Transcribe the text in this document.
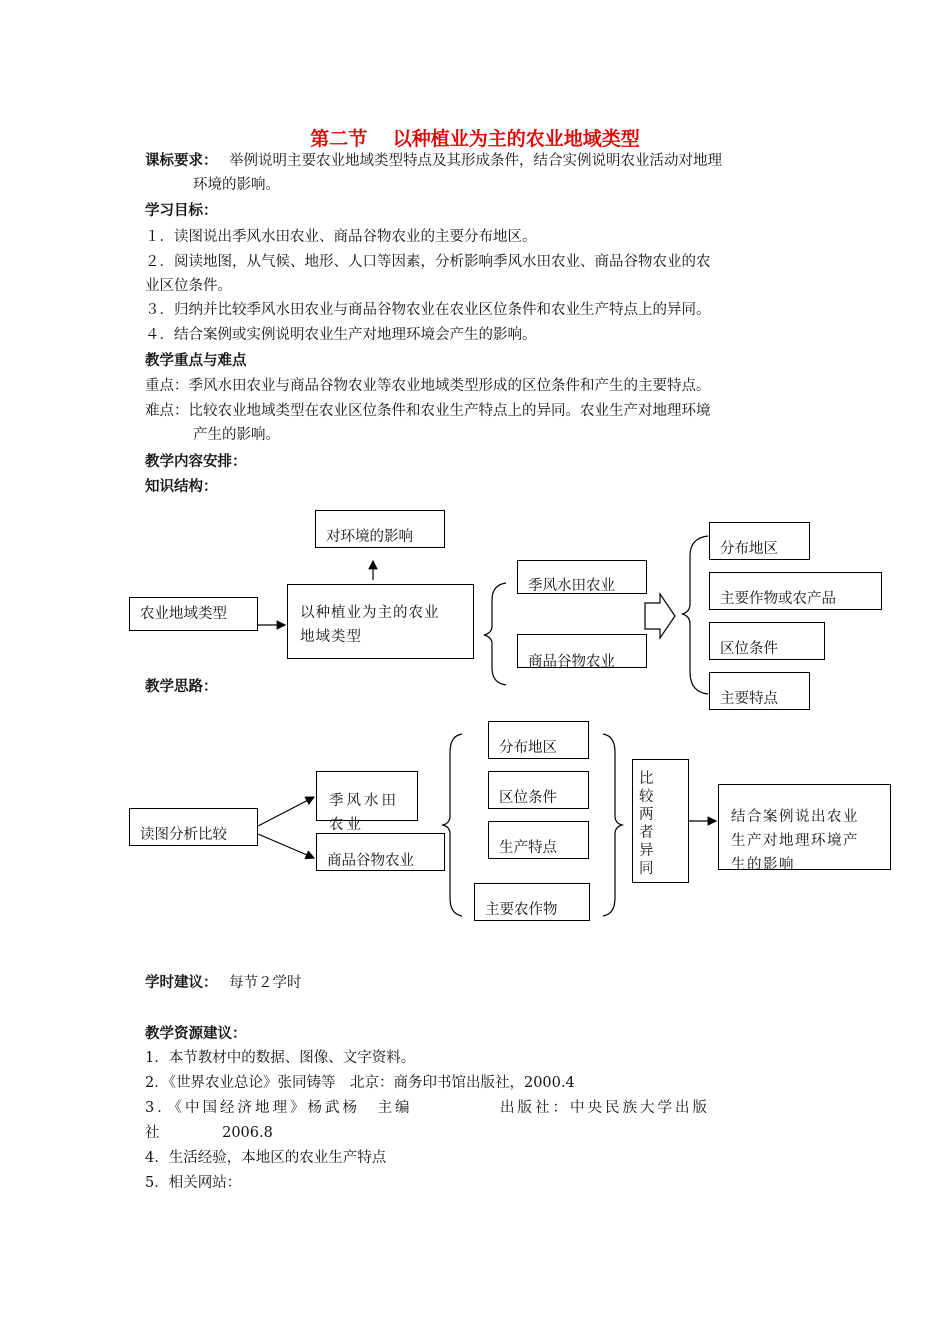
第二节　 以种植业为主的农业地域类型
课标要求： 举例说明主要农业地域类型特点及其形成条件，结合实例说明农业活动对地理
环境的影响。
学习目标：
１．读图说出季风水田农业、商品谷物农业的主要分布地区。
２．阅读地图，从气候、地形、人口等因素，分析影响季风水田农业、商品谷物农业的农
业区位条件。
３．归纳并比较季风水田农业与商品谷物农业在农业区位条件和农业生产特点上的异同。
４．结合案例或实例说明农业生产对地理环境会产生的影响。
教学重点与难点
重点：季风水田农业与商品谷物农业等农业地域类型形成的区位条件和产生的主要特点。
难点：比较农业地域类型在农业区位条件和农业生产特点上的异同。农业生产对地理环境
产生的影响。
教学内容安排：
知识结构：
对环境的影响
农业地域类型	以种植业为主的农业
地域类型
季风水田农业
商品谷物农业
分布地区
主要作物或农产品
区位条件
主要特点
教学思路：
读图分析比较
季风水田
农业
商品谷物农业
分布地区
区位条件
生产特点
主要农作物
比较两者异同
结合案例说出农业
生产对地理环境产
生的影响
学时建议： 每节２学时
教学资源建议：
1．本节教材中的数据、图像、文字资料。
2．《世界农业总论》张同铸等　北京：商务印书馆出版社，2000.4
3．《中国经济地理》杨武杨　主编　　　　　出版社：中央民族大学出版
社　　　　 2006.8
4．生活经验，本地区的农业生产特点
5．相关网站：
